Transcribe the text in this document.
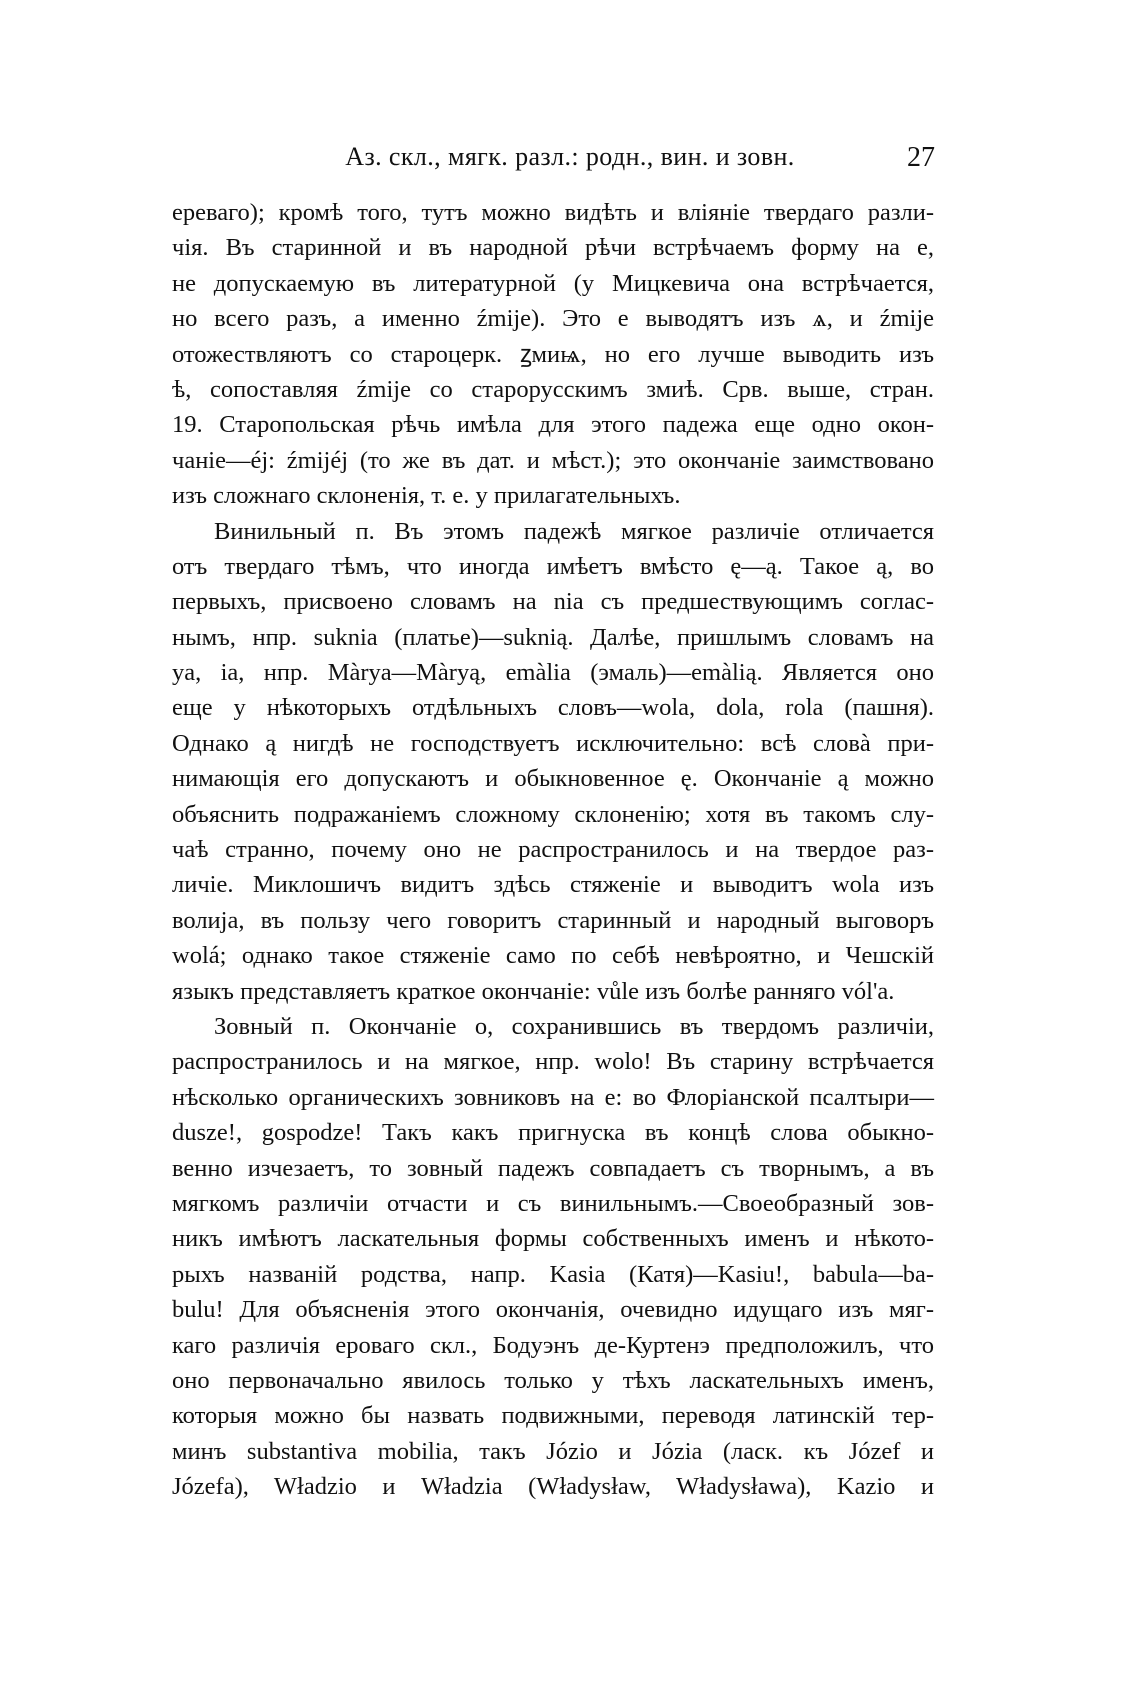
Аз. скл., мягк. разл.: родн., вин. и зовн.	27
ереваго); кромѣ того, тутъ можно видѣть и вліяніе твердаго разли-
чія. Въ старинной и въ народной рѣчи встрѣчаемъ форму на e,
не допускаемую въ литературной (у Мицкевича она встрѣчается,
но всего разъ, а именно źmije). Это e выводятъ изъ ѧ, и źmije
отожествляютъ со староцерк. ꙁмиѩ, но его лучше выводить изъ
ѣ, сопоставляя źmije со старорусскимъ змиѣ. Срв. выше, стран.
19. Старопольская рѣчь имѣла для этого падежа еще одно окон-
чаніе—éj: źmijéj (то же въ дат. и мѣст.); это окончаніе заимствовано
изъ сложнаго склоненія, т. е. у прилагательныхъ.
Винильный п. Въ этомъ падежѣ мягкое различіе отличается
отъ твердаго тѣмъ, что иногда имѣетъ вмѣсто ę—ą. Такое ą, во
первыхъ, присвоено словамъ на nia съ предшествующимъ соглас-
нымъ, нпр. suknia (платье)—suknią. Далѣе, пришлымъ словамъ на
ya, ia, нпр. Màrya—Màryą, emàlia (эмаль)—emàlią. Является оно
еще у нѣкоторыхъ отдѣльныхъ словъ—wola, dola, rola (пашня).
Однако ą нигдѣ не господствуетъ исключительно: всѣ словà при-
нимающія его допускаютъ и обыкновенное ę. Окончаніе ą можно
объяснить подражаніемъ сложному склоненію; хотя въ такомъ слу-
чаѣ странно, почему оно не распространилось и на твердое раз-
личіе. Миклошичъ видитъ здѣсь стяженіе и выводитъ wola изъ
волија, въ пользу чего говоритъ старинный и народный выговоръ
wolá; однако такое стяженіе само по себѣ невѣроятно, и Чешскій
языкъ представляетъ краткое окончаніе: vůle изъ болѣе ранняго vól'a.
Зовный п. Окончаніе o, сохранившись въ твердомъ различіи,
распространилось и на мягкое, нпр. wolo! Въ старину встрѣчается
нѣсколько органическихъ зовниковъ на e: во Флоріанской псалтыри—
dusze!, gospodze! Такъ какъ пригнуска въ концѣ слова обыкно-
венно изчезаетъ, то зовный падежъ совпадаетъ съ творнымъ, а въ
мягкомъ различіи отчасти и съ винильнымъ.—Своеобразный зов-
никъ имѣютъ ласкательныя формы собственныхъ именъ и нѣкото-
рыхъ названій родства, напр. Kasia (Катя)—Kasiu!, babula—ba-
bulu! Для объясненія этого окончанія, очевидно идущаго изъ мяг-
каго различія ероваго скл., Бодуэнъ де-Куртенэ предположилъ, что
оно первоначально явилось только у тѣхъ ласкательныхъ именъ,
которыя можно бы назвать подвижными, переводя латинскій тер-
минъ substantiva mobilia, такъ Józio и Józia (ласк. къ Józef и
Józefa), Władzio и Władzia (Władysław, Władysława), Kazio и
